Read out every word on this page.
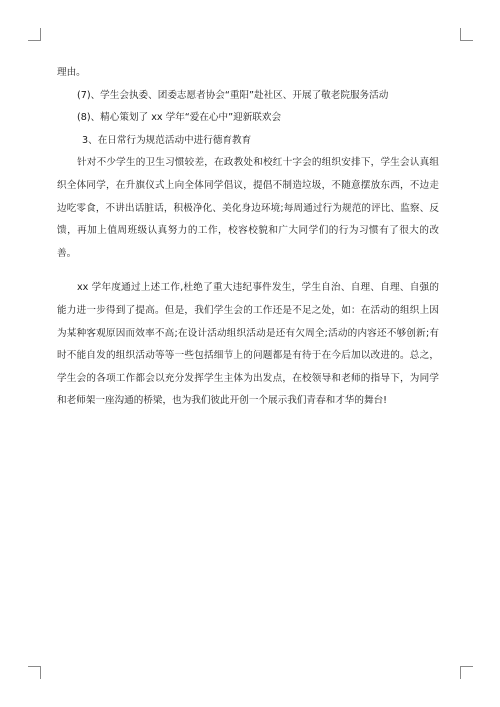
理由。

(7)、学生会执委、团委志愿者协会“重阳”赴社区、开展了敬老院服务活动

(8)、精心策划了 xx 学年“爱在心中”迎新联欢会

3、在日常行为规范活动中进行德育教育

针对不少学生的卫生习惯较差，在政教处和校红十字会的组织安排下，学生会认真组织全体同学，在升旗仪式上向全体同学倡议，提倡不制造垃圾，不随意摆放东西，不边走边吃零食，不讲出话脏话，积极净化、美化身边环境;每周通过行为规范的评比、监察、反馈，再加上值周班级认真努力的工作，校容校貌和广大同学们的行为习惯有了很大的改善。

xx 学年度通过上述工作,杜绝了重大违纪事件发生，学生自治、自理、自理、自强的能力进一步得到了提高。但是，我们学生会的工作还是不足之处，如：在活动的组织上因为某种客观原因而效率不高;在设计活动组织活动是还有欠周全;活动的内容还不够创新;有时不能自发的组织活动等等一些包括细节上的问题都是有待于在今后加以改进的。总之，学生会的各项工作都会以充分发挥学生主体为出发点，在校领导和老师的指导下，为同学和老师架一座沟通的桥梁，也为我们彼此开创一个展示我们青春和才华的舞台!
